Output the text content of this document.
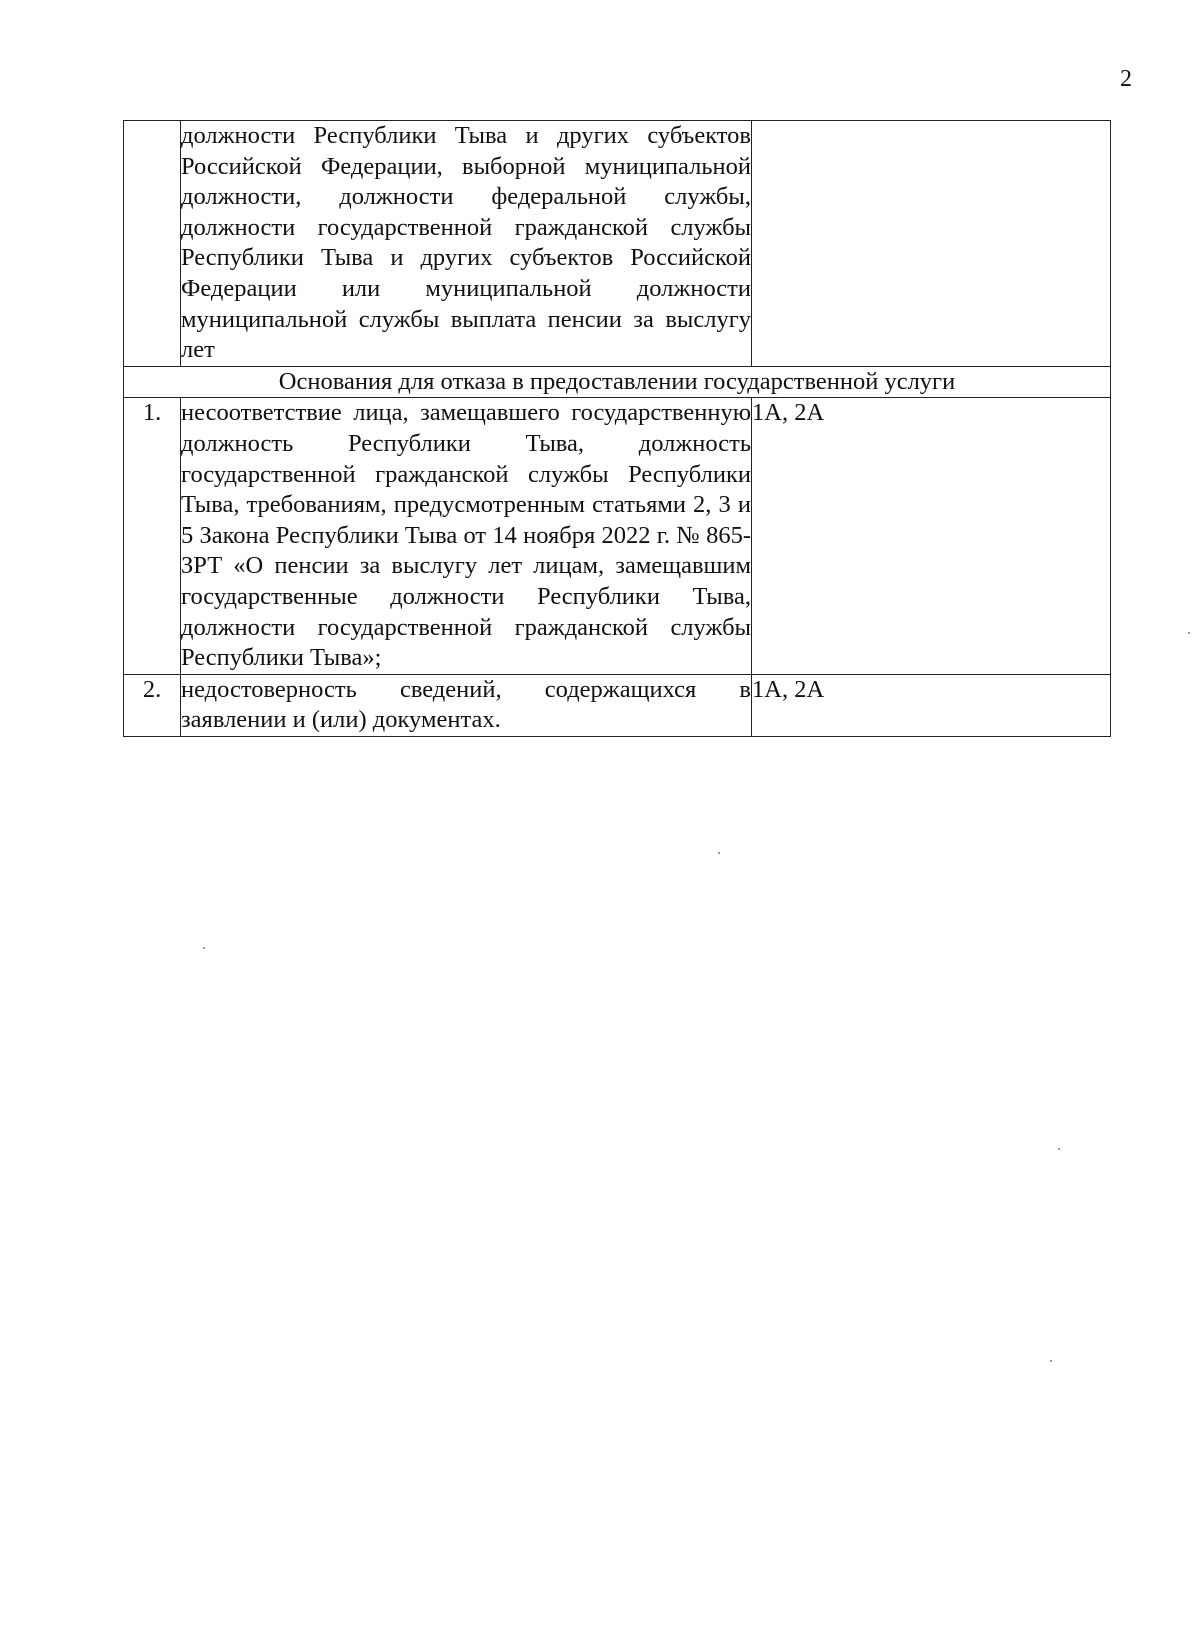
2
	должности Республики Тыва и других субъектов Российской Федерации, выборной муниципальной должности, должности федеральной службы, должности государственной гражданской службы Республики Тыва и других субъектов Российской Федерации или муниципальной должности муниципальной службы выплата пенсии за выслугу лет	
Основания для отказа в предоставлении государственной услуги		
1.	несоответствие лица, замещавшего государственную должность Республики Тыва, должность государственной гражданской службы Республики Тыва, требованиям, предусмотренным статьями 2, 3 и 5 Закона Республики Тыва от 14 ноября 2022 г. № 865-ЗРТ «О пенсии за выслугу лет лицам, замещавшим государственные должности Республики Тыва, должности государственной гражданской службы Республики Тыва»;	1А, 2А
2.	недостоверность сведений, содержащихся в заявлении и (или) документах.	1А, 2А
